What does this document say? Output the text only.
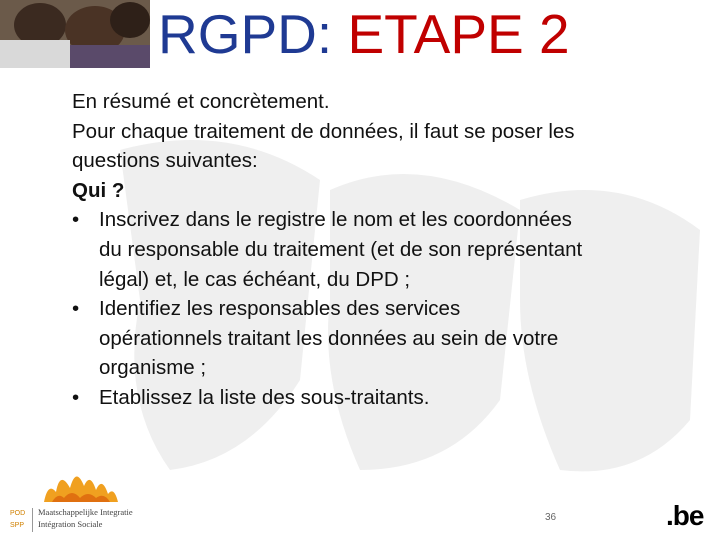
RGPD: ETAPE 2
En résumé et concrètement.
Pour chaque traitement de données, il faut se poser les
questions suivantes:
Qui ?
• Inscrivez dans le registre le nom et les coordonnées
du responsable du traitement (et de son représentant
légal) et, le cas échéant, du DPD ;
• Identifiez les responsables des services
opérationnels traitant les données au sein de votre
organisme ;
• Etablissez la liste des sous-traitants.
POD
SPP
Maatschappelijke Integratie
Intégration Sociale
36	.be
